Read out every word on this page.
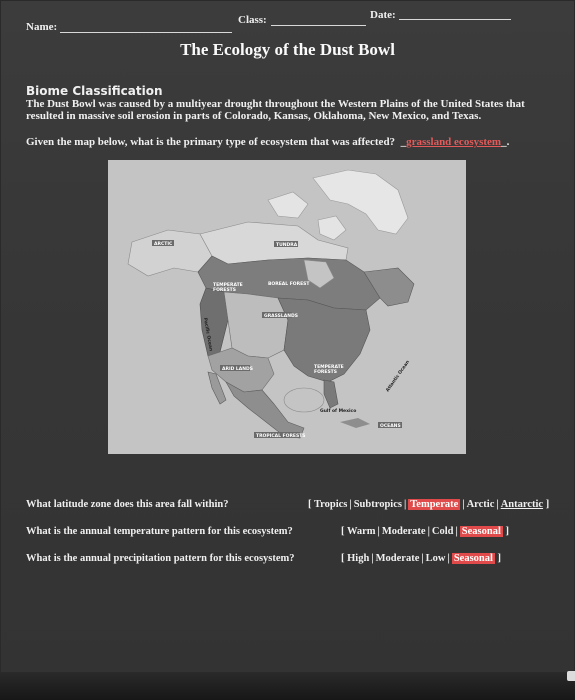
Name:
Class:	Date:
The Ecology of the Dust Bowl
Biome Classification
The Dust Bowl was caused by a multiyear drought throughout the Western Plains of the United States that resulted in massive soil erosion in parts of Colorado, Kansas, Oklahoma, New Mexico, and Texas.
Given the map below, what is the primary type of ecosystem that was affected?  _grassland ecosystem_.
ARCTIC	TUNDRA
TEMPERATE FORESTS
BOREAL FOREST
GRASSLANDS
Pacific Ocean
ARID LANDS	TEMPERATE FORESTS	Atlantic Ocean
Gulf of Mexico
OCEANS
TROPICAL FORESTS
What latitude zone does this area fall within?	[ Tropics | Subtropics | Temperate | Arctic | Antarctic ]
What is the annual temperature pattern for this ecosystem?	[ Warm | Moderate | Cold | Seasonal ]
What is the annual precipitation pattern for this ecosystem?	[ High | Moderate | Low | Seasonal ]
